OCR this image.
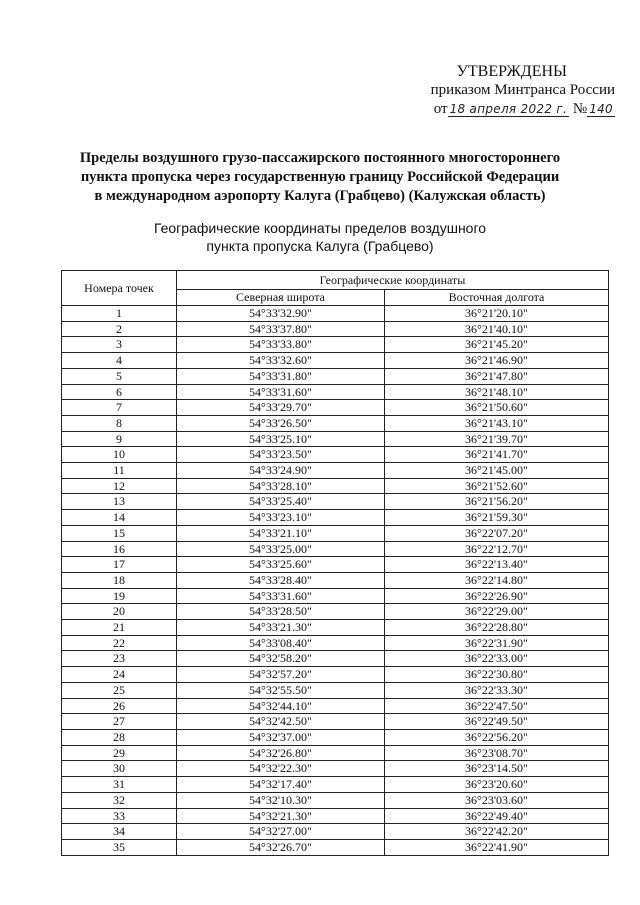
УТВЕРЖДЕНЫ
приказом Минтранса России
от 18 апреля 2022 г. № 140
Пределы воздушного грузо-пассажирского постоянного многостороннего
пункта пропуска через государственную границу Российской Федерации
в международном аэропорту Калуга (Грабцево) (Калужская область)
Географические координаты пределов воздушного
пункта пропуска Калуга (Грабцево)
Номера точек	Географические координаты	
	Северная широта	Восточная долгота
1	54°33'32.90"	36°21'20.10"
2	54°33'37.80"	36°21'40.10"
3	54°33'33.80"	36°21'45.20"
4	54°33'32.60"	36°21'46.90"
5	54°33'31.80"	36°21'47.80"
6	54°33'31.60"	36°21'48.10"
7	54°33'29.70"	36°21'50.60"
8	54°33'26.50"	36°21'43.10"
9	54°33'25.10"	36°21'39.70"
10	54°33'23.50"	36°21'41.70"
11	54°33'24.90"	36°21'45.00"
12	54°33'28.10"	36°21'52.60"
13	54°33'25.40"	36°21'56.20"
14	54°33'23.10"	36°21'59.30"
15	54°33'21.10"	36°22'07.20"
16	54°33'25.00"	36°22'12.70"
17	54°33'25.60"	36°22'13.40"
18	54°33'28.40"	36°22'14.80"
19	54°33'31.60"	36°22'26.90"
20	54°33'28.50"	36°22'29.00"
21	54°33'21.30"	36°22'28.80"
22	54°33'08.40"	36°22'31.90"
23	54°32'58.20"	36°22'33.00"
24	54°32'57.20"	36°22'30.80"
25	54°32'55.50"	36°22'33.30"
26	54°32'44.10"	36°22'47.50"
27	54°32'42.50"	36°22'49.50"
28	54°32'37.00"	36°22'56.20"
29	54°32'26.80"	36°23'08.70"
30	54°32'22.30"	36°23'14.50"
31	54°32'17.40"	36°23'20.60"
32	54°32'10.30"	36°23'03.60"
33	54°32'21.30"	36°22'49.40"
34	54°32'27.00"	36°22'42.20"
35	54°32'26.70"	36°22'41.90"
